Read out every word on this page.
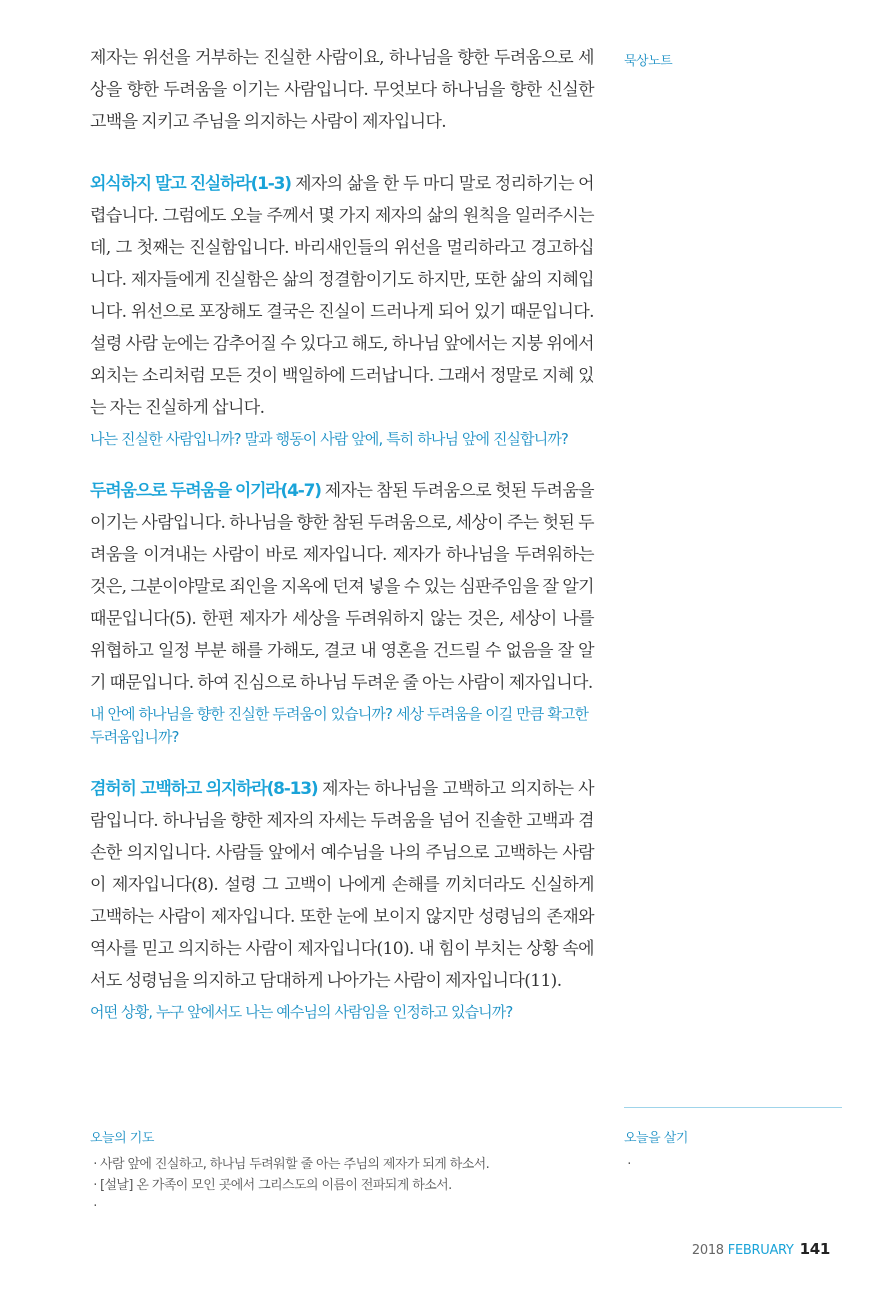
묵상노트

제자는 위선을 거부하는 진실한 사람이요, 하나님을 향한 두려움으로 세상을 향한 두려움을 이기는 사람입니다. 무엇보다 하나님을 향한 신실한 고백을 지키고 주님을 의지하는 사람이 제자입니다.

외식하지 말고 진실하라(1-3) 제자의 삶을 한 두 마디 말로 정리하기는 어렵습니다. 그럼에도 오늘 주께서 몇 가지 제자의 삶의 원칙을 일러주시는데, 그 첫째는 진실함입니다. 바리새인들의 위선을 멀리하라고 경고하십니다. 제자들에게 진실함은 삶의 정결함이기도 하지만, 또한 삶의 지혜입니다. 위선으로 포장해도 결국은 진실이 드러나게 되어 있기 때문입니다. 설령 사람 눈에는 감추어질 수 있다고 해도, 하나님 앞에서는 지붕 위에서 외치는 소리처럼 모든 것이 백일하에 드러납니다. 그래서 정말로 지혜 있는 자는 진실하게 삽니다.

나는 진실한 사람입니까? 말과 행동이 사람 앞에, 특히 하나님 앞에 진실합니까?

두려움으로 두려움을 이기라(4-7) 제자는 참된 두려움으로 헛된 두려움을 이기는 사람입니다. 하나님을 향한 참된 두려움으로, 세상이 주는 헛된 두려움을 이겨내는 사람이 바로 제자입니다. 제자가 하나님을 두려워하는 것은, 그분이야말로 죄인을 지옥에 던져 넣을 수 있는 심판주임을 잘 알기 때문입니다(5). 한편 제자가 세상을 두려워하지 않는 것은, 세상이 나를 위협하고 일정 부분 해를 가해도, 결코 내 영혼을 건드릴 수 없음을 잘 알기 때문입니다. 하여 진심으로 하나님 두려운 줄 아는 사람이 제자입니다.

내 안에 하나님을 향한 진실한 두려움이 있습니까? 세상 두려움을 이길 만큼 확고한 두려움입니까?

겸허히 고백하고 의지하라(8-13) 제자는 하나님을 고백하고 의지하는 사람입니다. 하나님을 향한 제자의 자세는 두려움을 넘어 진솔한 고백과 겸손한 의지입니다. 사람들 앞에서 예수님을 나의 주님으로 고백하는 사람이 제자입니다(8). 설령 그 고백이 나에게 손해를 끼치더라도 신실하게 고백하는 사람이 제자입니다. 또한 눈에 보이지 않지만 성령님의 존재와 역사를 믿고 의지하는 사람이 제자입니다(10). 내 힘이 부치는 상황 속에서도 성령님을 의지하고 담대하게 나아가는 사람이 제자입니다(11).

어떤 상황, 누구 앞에서도 나는 예수님의 사람임을 인정하고 있습니까?

오늘의 기도
· 사람 앞에 진실하고, 하나님 두려워할 줄 아는 주님의 제자가 되게 하소서.
· [설날] 온 가족이 모인 곳에서 그리스도의 이름이 전파되게 하소서.
·
오늘을 살기
·
2018 FEBRUARY 141
